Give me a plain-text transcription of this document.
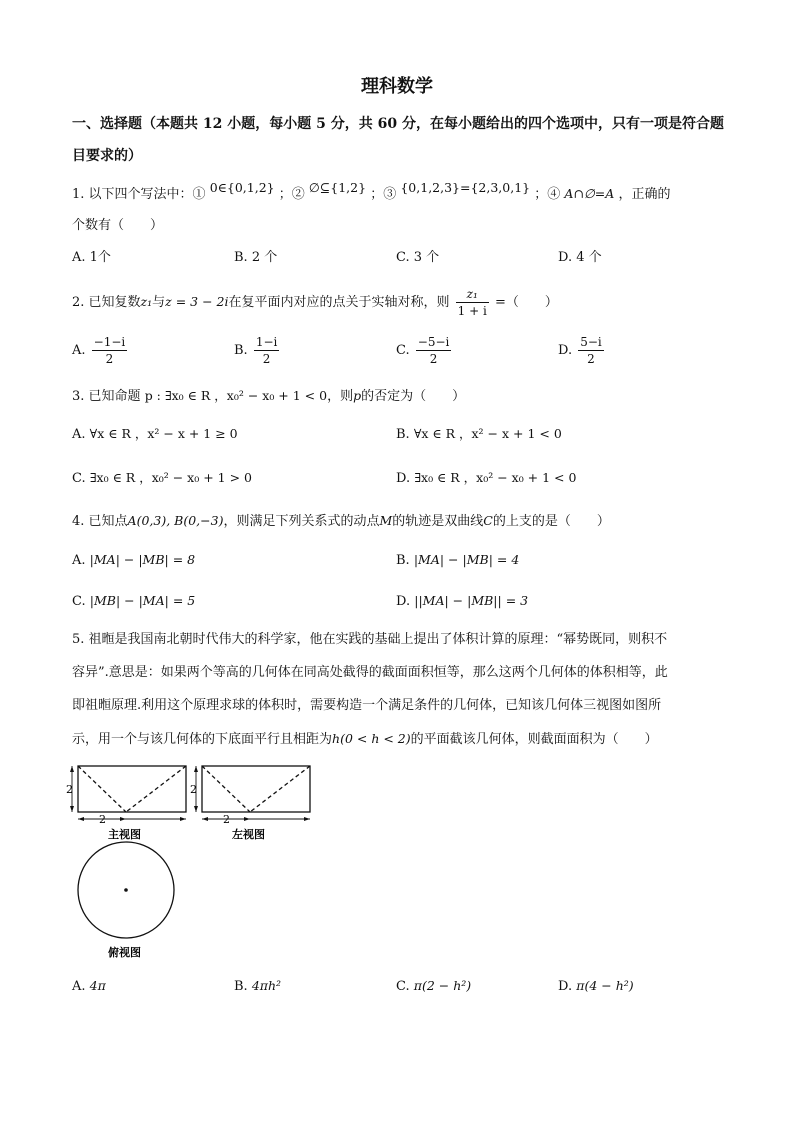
理科数学
一、选择题（本题共 12 小题，每小题 5 分，共 60 分，在每小题给出的四个选项中，只有一项是符合题目要求的）
1. 以下四个写法中：① 0∈{0,1,2} ；② ∅⊆{1,2} ；③ {0,1,2,3}={2,3,0,1} ；④ A∩∅=A ，正确的
个数有（　　）
A. 1个	B. 2 个	C. 3 个	D. 4 个
2. 已知复数z₁与z = 3 − 2i在复平面内对应的点关于实轴对称，则 $\frac{\text{z₁}}{1 + i}$ =（　　）
A. $\frac{-1-i}{2}$	B. $\frac{1-i}{2}$	C. $\frac{-5-i}{2}$	D. $\frac{5-i}{2}$
3. 已知命题 p : ∃x₀ ∈ R ，x₀² − x₀ + 1 < 0，则p的否定为（　　）
A. ∀x ∈ R ，x² − x + 1 ≥ 0	B. ∀x ∈ R ，x² − x + 1 < 0
C. ∃x₀ ∈ R ，x₀² − x₀ + 1 > 0	D. ∃x₀ ∈ R ，x₀² − x₀ + 1 < 0
4. 已知点A(0,3), B(0,−3)，则满足下列关系式的动点M的轨迹是双曲线C的上支的是（　　）
A. |MA| − |MB| = 8	B. |MA| − |MB| = 4
C. |MB| − |MA| = 5	D. ||MA| − |MB|| = 3
5. 祖暅是我国南北朝时代伟大的科学家，他在实践的基础上提出了体积计算的原理：“幂势既同，则积不
容异”.意思是：如果两个等高的几何体在同高处截得的截面面积恒等，那么这两个几何体的体积相等，此
即祖暅原理.利用这个原理求球的体积时，需要构造一个满足条件的几何体，已知该几何体三视图如图所
示，用一个与该几何体的下底面平行且相距为h(0 < h < 2)的平面截该几何体，则截面面积为（　　）
2
2
2
2
主视图	左视图
俯视图
A. 4π	B. 4πh²	C. π(2 − h²)	D. π(4 − h²)
